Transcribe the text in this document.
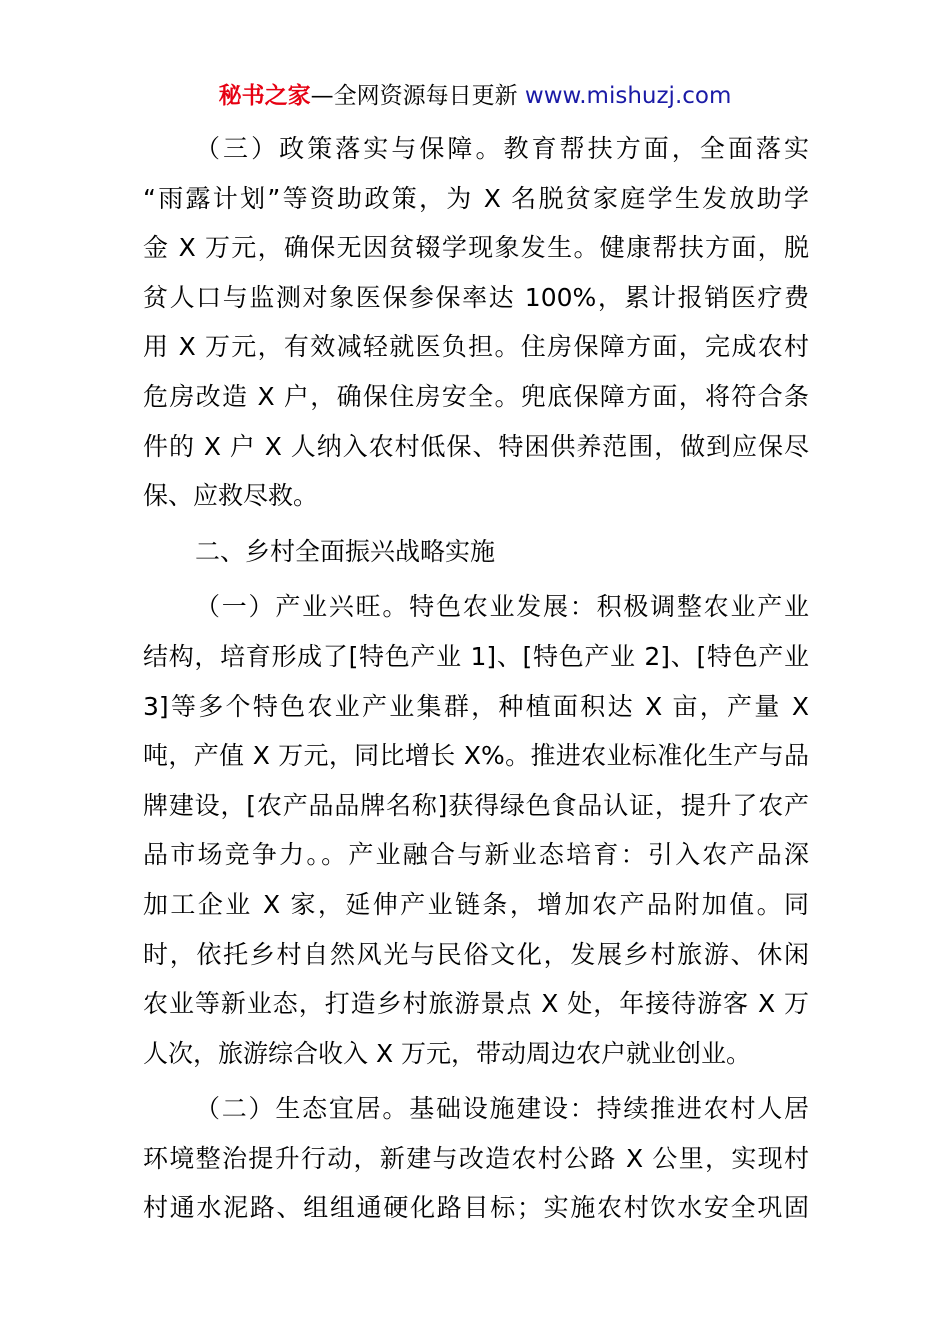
秘书之家—全网资源每日更新 www.mishuzj.com
（三）政策落实与保障。教育帮扶方面，全面落实
“雨露计划”等资助政策，为 X 名脱贫家庭学生发放助学
金 X 万元，确保无因贫辍学现象发生。健康帮扶方面，脱
贫人口与监测对象医保参保率达 100%，累计报销医疗费
用 X 万元，有效减轻就医负担。住房保障方面，完成农村
危房改造 X 户，确保住房安全。兜底保障方面，将符合条
件的 X 户 X 人纳入农村低保、特困供养范围，做到应保尽
保、应救尽救。
二、乡村全面振兴战略实施
（一）产业兴旺。特色农业发展：积极调整农业产业
结构，培育形成了[特色产业 1]、[特色产业 2]、[特色产业
3]等多个特色农业产业集群，种植面积达 X 亩，产量 X
吨，产值 X 万元，同比增长 X%。推进农业标准化生产与品
牌建设，[农产品品牌名称]获得绿色食品认证，提升了农产
品市场竞争力。。产业融合与新业态培育：引入农产品深
加工企业 X 家，延伸产业链条，增加农产品附加值。同
时，依托乡村自然风光与民俗文化，发展乡村旅游、休闲
农业等新业态，打造乡村旅游景点 X 处，年接待游客 X 万
人次，旅游综合收入 X 万元，带动周边农户就业创业。
（二）生态宜居。基础设施建设：持续推进农村人居
环境整治提升行动，新建与改造农村公路 X 公里，实现村
村通水泥路、组组通硬化路目标；实施农村饮水安全巩固
